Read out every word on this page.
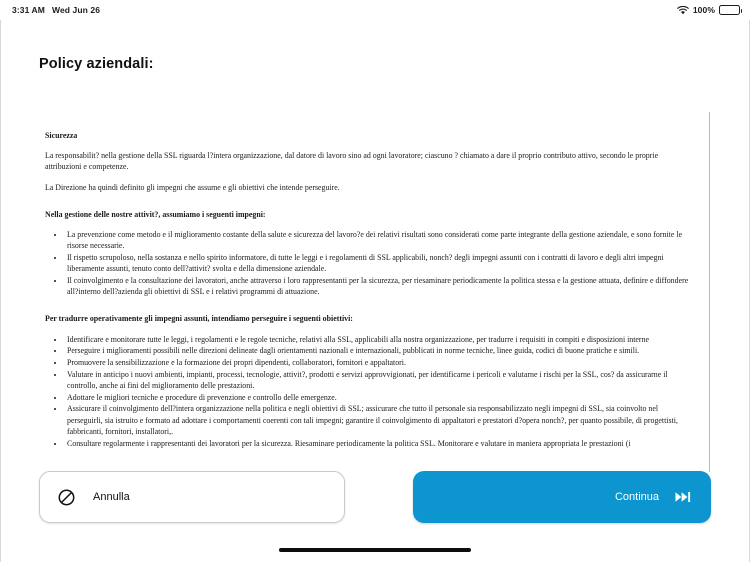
3:31 AM Wed Jun 26	100%
Policy aziendali:

Sicurezza

La responsabilit? nella gestione della SSL riguarda l?intera organizzazione, dal datore di lavoro sino ad ogni lavoratore; ciascuno ? chiamato a dare il proprio contributo attivo, secondo le proprie attribuzioni e competenze.

La Direzione ha quindi definito gli impegni che assume e gli obiettivi che intende perseguire.

Nella gestione delle nostre attivit?, assumiamo i seguenti impegni:

• La prevenzione come metodo e il miglioramento costante della salute e sicurezza del lavoro?e dei relativi risultati sono considerati come parte integrante della gestione aziendale, e sono fornite le risorse necessarie.
• Il rispetto scrupoloso, nella sostanza e nello spirito informatore, di tutte le leggi e i regolamenti di SSL applicabili, nonch? degli impegni assunti con i contratti di lavoro e degli altri impegni liberamente assunti, tenuto conto dell?attivit? svolta e della dimensione aziendale.
• Il coinvolgimento e la consultazione dei lavoratori, anche attraverso i loro rappresentanti per la sicurezza, per riesaminare periodicamente la politica stessa e la gestione attuata, definire e diffondere all?interno dell?azienda gli obiettivi di SSL e i relativi programmi di attuazione.

Per tradurre operativamente gli impegni assunti, intendiamo perseguire i seguenti obiettivi:

• Identificare e monitorare tutte le leggi, i regolamenti e le regole tecniche, relativi alla SSL, applicabili alla nostra organizzazione, per tradurre i requisiti in compiti e disposizioni interne
• Perseguire i miglioramenti possibili nelle direzioni delineate dagli orientamenti nazionali e internazionali, pubblicati in norme tecniche, linee guida, codici di buone pratiche e simili.
• Promuovere la sensibilizzazione e la formazione dei propri dipendenti, collaboratori, fornitori e appaltatori.
• Valutare in anticipo i nuovi ambienti, impianti, processi, tecnologie, attivit?, prodotti e servizi approvvigionati, per identificarne i pericoli e valutarne i rischi per la SSL, cos? da assicurarne il controllo, anche ai fini del miglioramento delle prestazioni.
• Adottare le migliori tecniche e procedure di prevenzione e controllo delle emergenze.
• Assicurare il coinvolgimento dell?intera organizzazione nella politica e negli obiettivi di SSL; assicurare che tutto il personale sia responsabilizzato negli impegni di SSL, sia coinvolto nel perseguirli, sia istruito e formato ad adottare i comportamenti coerenti con tali impegni; garantire il coinvolgimento di appaltatori e prestatori d?opera nonch?, per quanto possibile, di progettisti, fabbricanti, fornitori, installatori,.
• Consultare regolarmente i rappresentanti dei lavoratori per la sicurezza. Riesaminare periodicamente la politica SSL. Monitorare e valutare in maniera appropriata le prestazioni (i
Annulla	Continua
